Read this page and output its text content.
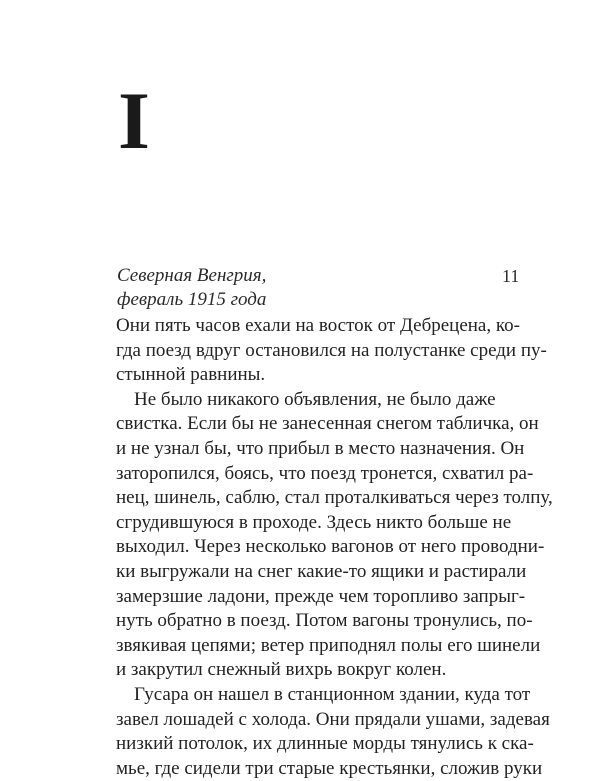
I
Северная Венгрия,
февраль 1915 года
11
Они пять часов ехали на восток от Дебрецена, ко-
гда поезд вдруг остановился на полустанке среди пу-
стынной равнины.
Не было никакого объявления, не было даже
свистка. Если бы не занесенная снегом табличка, он
и не узнал бы, что прибыл в место назначения. Он
заторопился, боясь, что поезд тронется, схватил ра-
нец, шинель, саблю, стал проталкиваться через толпу,
сгрудившуюся в проходе. Здесь никто больше не
выходил. Через несколько вагонов от него проводни-
ки выгружали на снег какие-то ящики и растирали
замерзшие ладони, прежде чем торопливо запрыг-
нуть обратно в поезд. Потом вагоны тронулись, по-
звякивая цепями; ветер приподнял полы его шинели
и закрутил снежный вихрь вокруг колен.
Гусара он нашел в станционном здании, куда тот
завел лошадей с холода. Они прядали ушами, задевая
низкий потолок, их длинные морды тянулись к ска-
мье, где сидели три старые крестьянки, сложив руки
